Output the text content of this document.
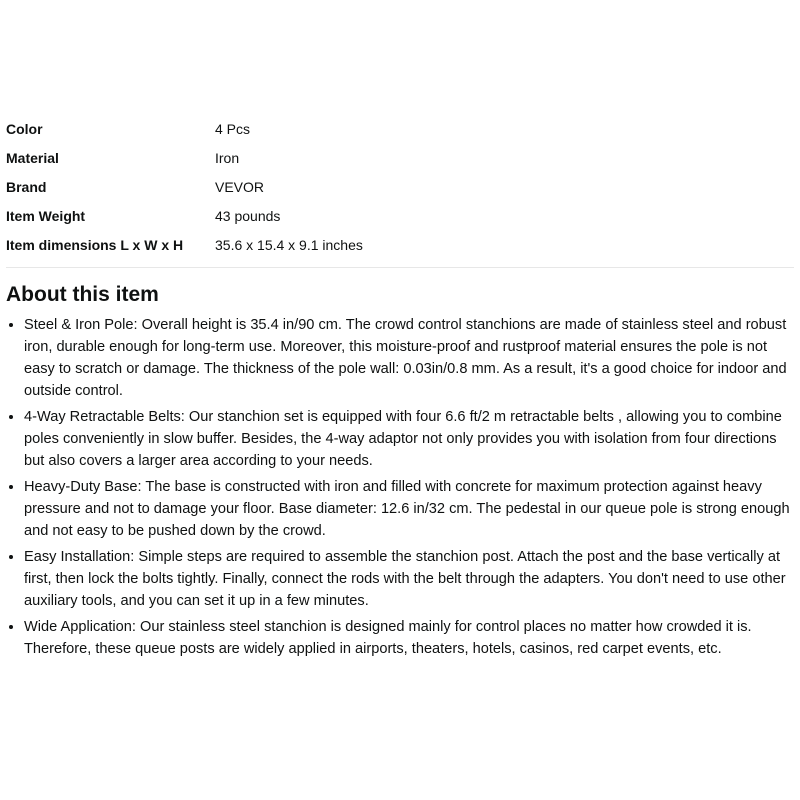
Color	4 Pcs
Material	Iron
Brand	VEVOR
Item Weight	43 pounds
Item dimensions L x W x H	35.6 x 15.4 x 9.1 inches
About this item
• Steel & Iron Pole: Overall height is 35.4 in/90 cm. The crowd control stanchions are made of stainless steel and robust iron, durable enough for long-term use. Moreover, this moisture-proof and rustproof material ensures the pole is not easy to scratch or damage. The thickness of the pole wall: 0.03in/0.8 mm. As a result, it's a good choice for indoor and outside control.
• 4-Way Retractable Belts: Our stanchion set is equipped with four 6.6 ft/2 m retractable belts , allowing you to combine poles conveniently in slow buffer. Besides, the 4-way adaptor not only provides you with isolation from four directions but also covers a larger area according to your needs.
• Heavy-Duty Base: The base is constructed with iron and filled with concrete for maximum protection against heavy pressure and not to damage your floor. Base diameter: 12.6 in/32 cm. The pedestal in our queue pole is strong enough and not easy to be pushed down by the crowd.
• Easy Installation: Simple steps are required to assemble the stanchion post. Attach the post and the base vertically at first, then lock the bolts tightly. Finally, connect the rods with the belt through the adapters. You don't need to use other auxiliary tools, and you can set it up in a few minutes.
• Wide Application: Our stainless steel stanchion is designed mainly for control places no matter how crowded it is. Therefore, these queue posts are widely applied in airports, theaters, hotels, casinos, red carpet events, etc.
